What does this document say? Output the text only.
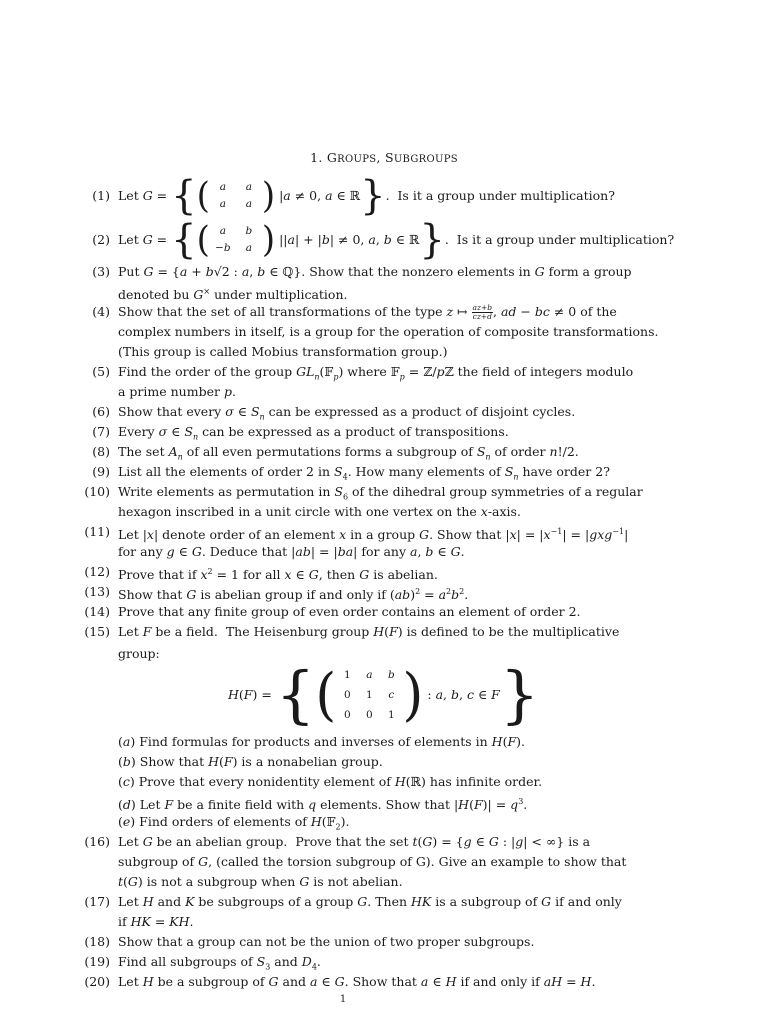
1. GROUPS, SUBGROUPS
(1) Let G = { ( a	a
a	a ) |a ≠ 0, a ∈ ℝ } .  Is it a group under multiplication?
(2) Let G = { ( a	b
−b	a ) ||a| + |b| ≠ 0, a, b ∈ ℝ } .  Is it a group under multiplication?
(3) Put G = {a + b√2 : a, b ∈ ℚ}. Show that the nonzero elements in G form a group
denoted bu G× under multiplication.
(4) Show that the set of all transformations of the type z ↦ $\frac{az+b}{cz+d}$ , ad − bc ≠ 0 of the
complex numbers in itself, is a group for the operation of composite transformations.
(This group is called Mobius transformation group.)
(5) Find the order of the group $GL_n(𝔽_p)$ where 𝔽$_p$ = ℤ/pℤ the field of integers modulo
a prime number p.
(6) Show that every σ ∈ $S_n$ can be expressed as a product of disjoint cycles.
(7) Every σ ∈ $S_n$ can be expressed as a product of transpositions.
(8) The set $A_n$ of all even permutations forms a subgroup of $S_n$ of order n!/2.
(9) List all the elements of order 2 in $S_4$. How many elements of $S_n$ have order 2?
(10) Write elements as permutation in $S_6$ of the dihedral group symmetries of a regular
hexagon inscribed in a unit circle with one vertex on the x-axis.
(11) Let |x| denote order of an element x in a group G. Show that $|x| = |x^{-1}| = |gxg^{-1}|$
for any g ∈ G. Deduce that |ab| = |ba| for any a, b ∈ G.
(12) Prove that if $x^2 = 1$ for all x ∈ G, then G is abelian.
(13) Show that G is abelian group if and only if $(ab)^2 = a^2b^2$.
(14) Prove that any finite group of even order contains an element of order 2.
(15) Let F be a field.  The Heisenburg group H(F) is defined to be the multiplicative
group:
H(F) = { ( 1	a	b
0	1	c
0	0	1 ) : a, b, c ∈ F }
(a) Find formulas for products and inverses of elements in H(F).
(b) Show that H(F) is a nonabelian group.
(c) Prove that every nonidentity element of H(ℝ) has infinite order.
(d) Let F be a finite field with q elements. Show that $|H(F)| = q^3$.
(e) Find orders of elements of H(𝔽$_2$).
(16) Let G be an abelian group.  Prove that the set t(G) = {g ∈ G : |g| < ∞} is a
subgroup of G, (called the torsion subgroup of G). Give an example to show that
t(G) is not a subgroup when G is not abelian.
(17) Let H and K be subgroups of a group G. Then HK is a subgroup of G if and only
if HK = KH.
(18) Show that a group can not be the union of two proper subgroups.
(19) Find all subgroups of $S_3$ and $D_4$.
(20) Let H be a subgroup of G and a ∈ G. Show that a ∈ H if and only if aH = H.
1
